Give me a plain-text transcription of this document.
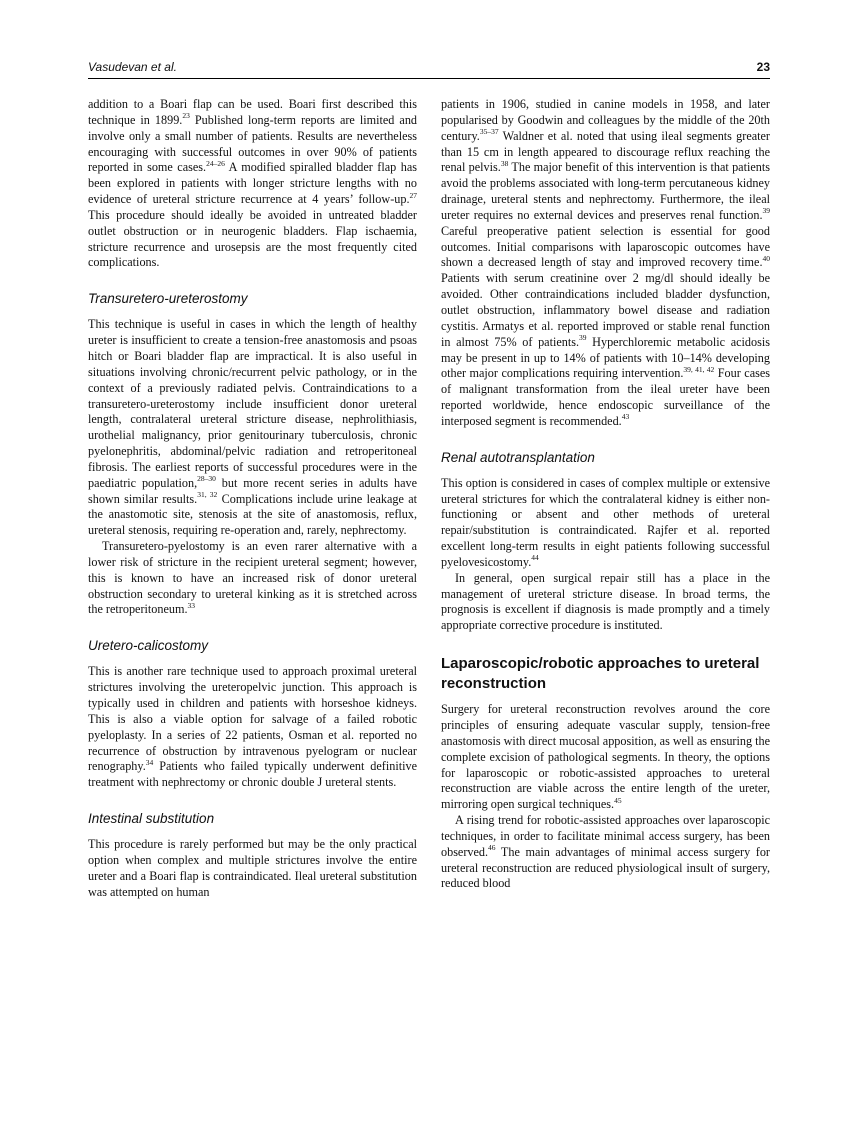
Vasudevan et al.	23

addition to a Boari flap can be used. Boari first described this technique in 1899.23 Published long-term reports are limited and involve only a small number of patients. Results are nevertheless encouraging with successful outcomes in over 90% of patients reported in some cases.$^{24-26}$ A modified spiralled bladder flap has been explored in patients with longer stricture lengths with no evidence of ureteral stricture recurrence at 4 years’ follow-up.$^{27}$ This procedure should ideally be avoided in untreated bladder outlet obstruction or in neurogenic bladders. Flap ischaemia, stricture recurrence and urosepsis are the most frequently cited complications.

Transuretero-ureterostomy

This technique is useful in cases in which the length of healthy ureter is insufficient to create a tension-free anastomosis and psoas hitch or Boari bladder flap are impractical. It is also useful in situations involving chronic/recurrent pelvic pathology, or in the context of a previously radiated pelvis. Contraindications to a transuretero-ureterostomy include insufficient donor ureteral length, contralateral ureteral stricture disease, nephrolithiasis, urothelial malignancy, prior genitourinary tuberculosis, chronic pyelonephritis, abdominal/pelvic radiation and retroperitoneal fibrosis. The earliest reports of successful procedures were in the paediatric population,$^{28-30}$ but more recent series in adults have shown similar results.$^{31, 32}$ Complications include urine leakage at the anastomotic site, stenosis at the site of anastomosis, reflux, ureteral stenosis, requiring re-operation and, rarely, nephrectomy.

Transuretero-pyelostomy is an even rarer alternative with a lower risk of stricture in the recipient ureteral segment; however, this is known to have an increased risk of donor ureteral obstruction secondary to ureteral kinking as it is stretched across the retroperitoneum.$^{33}$

Uretero-calicostomy

This is another rare technique used to approach proximal ureteral strictures involving the ureteropelvic junction. This approach is typically used in children and patients with horseshoe kidneys. This is also a viable option for salvage of a failed robotic pyeloplasty. In a series of 22 patients, Osman et al. reported no recurrence of obstruction by intravenous pyelogram or nuclear renography.$^{34}$ Patients who failed typically underwent definitive treatment with nephrectomy or chronic double J ureteral stents.

Intestinal substitution

This procedure is rarely performed but may be the only practical option when complex and multiple strictures involve the entire ureter and a Boari flap is contraindicated. Ileal ureteral substitution was attempted on human

patients in 1906, studied in canine models in 1958, and later popularised by Goodwin and colleagues by the middle of the 20th century.$^{35-37}$ Waldner et al. noted that using ileal segments greater than 15 cm in length appeared to discourage reflux reaching the renal pelvis.$^{38}$ The major benefit of this intervention is that patients avoid the problems associated with long-term percutaneous kidney drainage, ureteral stents and nephrectomy. Furthermore, the ileal ureter requires no external devices and preserves renal function.$^{39}$ Careful preoperative patient selection is essential for good outcomes. Initial comparisons with laparoscopic outcomes have shown a decreased length of stay and improved recovery time.$^{40}$ Patients with serum creatinine over 2 mg/dl should ideally be avoided. Other contraindications included bladder dysfunction, outlet obstruction, inflammatory bowel disease and radiation cystitis. Armatys et al. reported improved or stable renal function in almost 75% of patients.$^{39}$ Hyperchloremic metabolic acidosis may be present in up to 14% of patients with 10–14% developing other major complications requiring intervention.$^{39, 41, 42}$ Four cases of malignant transformation from the ileal ureter have been reported worldwide, hence endoscopic surveillance of the interposed segment is recommended.$^{43}$

Renal autotransplantation

This option is considered in cases of complex multiple or extensive ureteral strictures for which the contralateral kidney is either non-functioning or absent and other methods of ureteral repair/substitution is contraindicated. Rajfer et al. reported excellent long-term results in eight patients following successful pyelovesicostomy.$^{44}$

In general, open surgical repair still has a place in the management of ureteral stricture disease. In broad terms, the prognosis is excellent if diagnosis is made promptly and a timely appropriate corrective procedure is instituted.

Laparoscopic/robotic approaches to ureteral reconstruction

Surgery for ureteral reconstruction revolves around the core principles of ensuring adequate vascular supply, tension-free anastomosis with direct mucosal apposition, as well as ensuring the complete excision of pathological segments. In theory, the options for laparoscopic or robotic-assisted approaches to ureteral reconstruction are viable across the entire length of the ureter, mirroring open surgical techniques.$^{45}$

A rising trend for robotic-assisted approaches over laparoscopic techniques, in order to facilitate minimal access surgery, has been observed.$^{46}$ The main advantages of minimal access surgery for ureteral reconstruction are reduced physiological insult of surgery, reduced blood
